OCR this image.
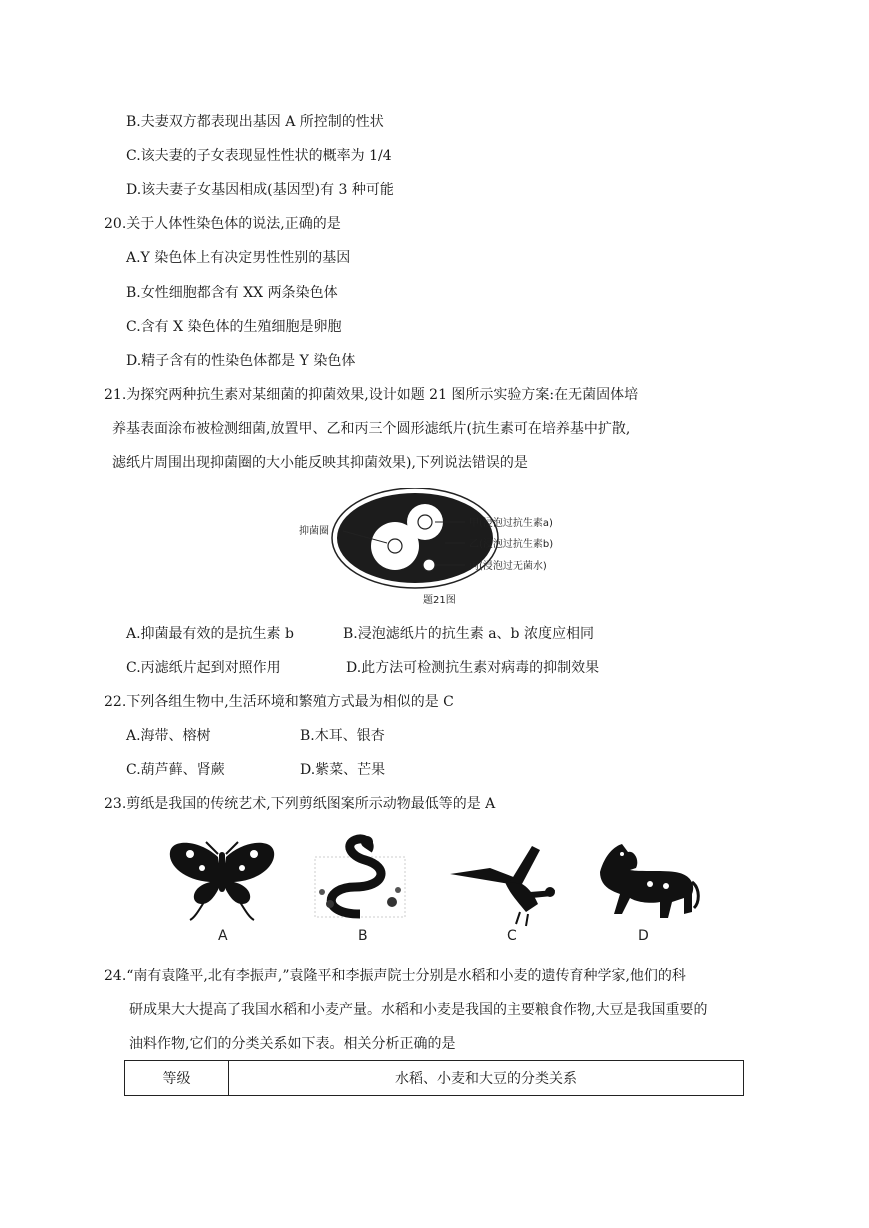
B.夫妻双方都表现出基因 A 所控制的性状
C.该夫妻的子女表现显性性状的概率为 1/4
D.该夫妻子女基因相成(基因型)有 3 种可能
20.关于人体性染色体的说法,正确的是
A.Y 染色体上有决定男性性别的基因
B.女性细胞都含有 XX 两条染色体
C.含有 X 染色体的生殖细胞是卵胞
D.精子含有的性染色体都是 Y 染色体
21.为探究两种抗生素对某细菌的抑菌效果,设计如题 21 图所示实验方案:在无菌固体培
养基表面涂布被检测细菌,放置甲、乙和丙三个圆形滤纸片(抗生素可在培养基中扩散,
滤纸片周围出现抑菌圈的大小能反映其抑菌效果),下列说法错误的是
抑菌圈
甲(浸泡过抗生素a)
乙(浸泡过抗生素b)
丙(浸泡过无菌水)
题21图
A.抑菌最有效的是抗生素 b	B.浸泡滤纸片的抗生素 a、b 浓度应相同
C.丙滤纸片起到对照作用	D.此方法可检测抗生素对病毒的抑制效果
22.下列各组生物中,生活环境和繁殖方式最为相似的是 C
A.海带、榕树	B.木耳、银杏
C.葫芦藓、肾蕨	D.紫菜、芒果
23.剪纸是我国的传统艺术,下列剪纸图案所示动物最低等的是 A
A	B	C	D
24.“南有袁隆平,北有李振声,”袁隆平和李振声院士分别是水稻和小麦的遗传育种学家,他们的科
研成果大大提高了我国水稻和小麦产量。水稻和小麦是我国的主要粮食作物,大豆是我国重要的
油料作物,它们的分类关系如下表。相关分析正确的是
等级	水稻、小麦和大豆的分类关系
